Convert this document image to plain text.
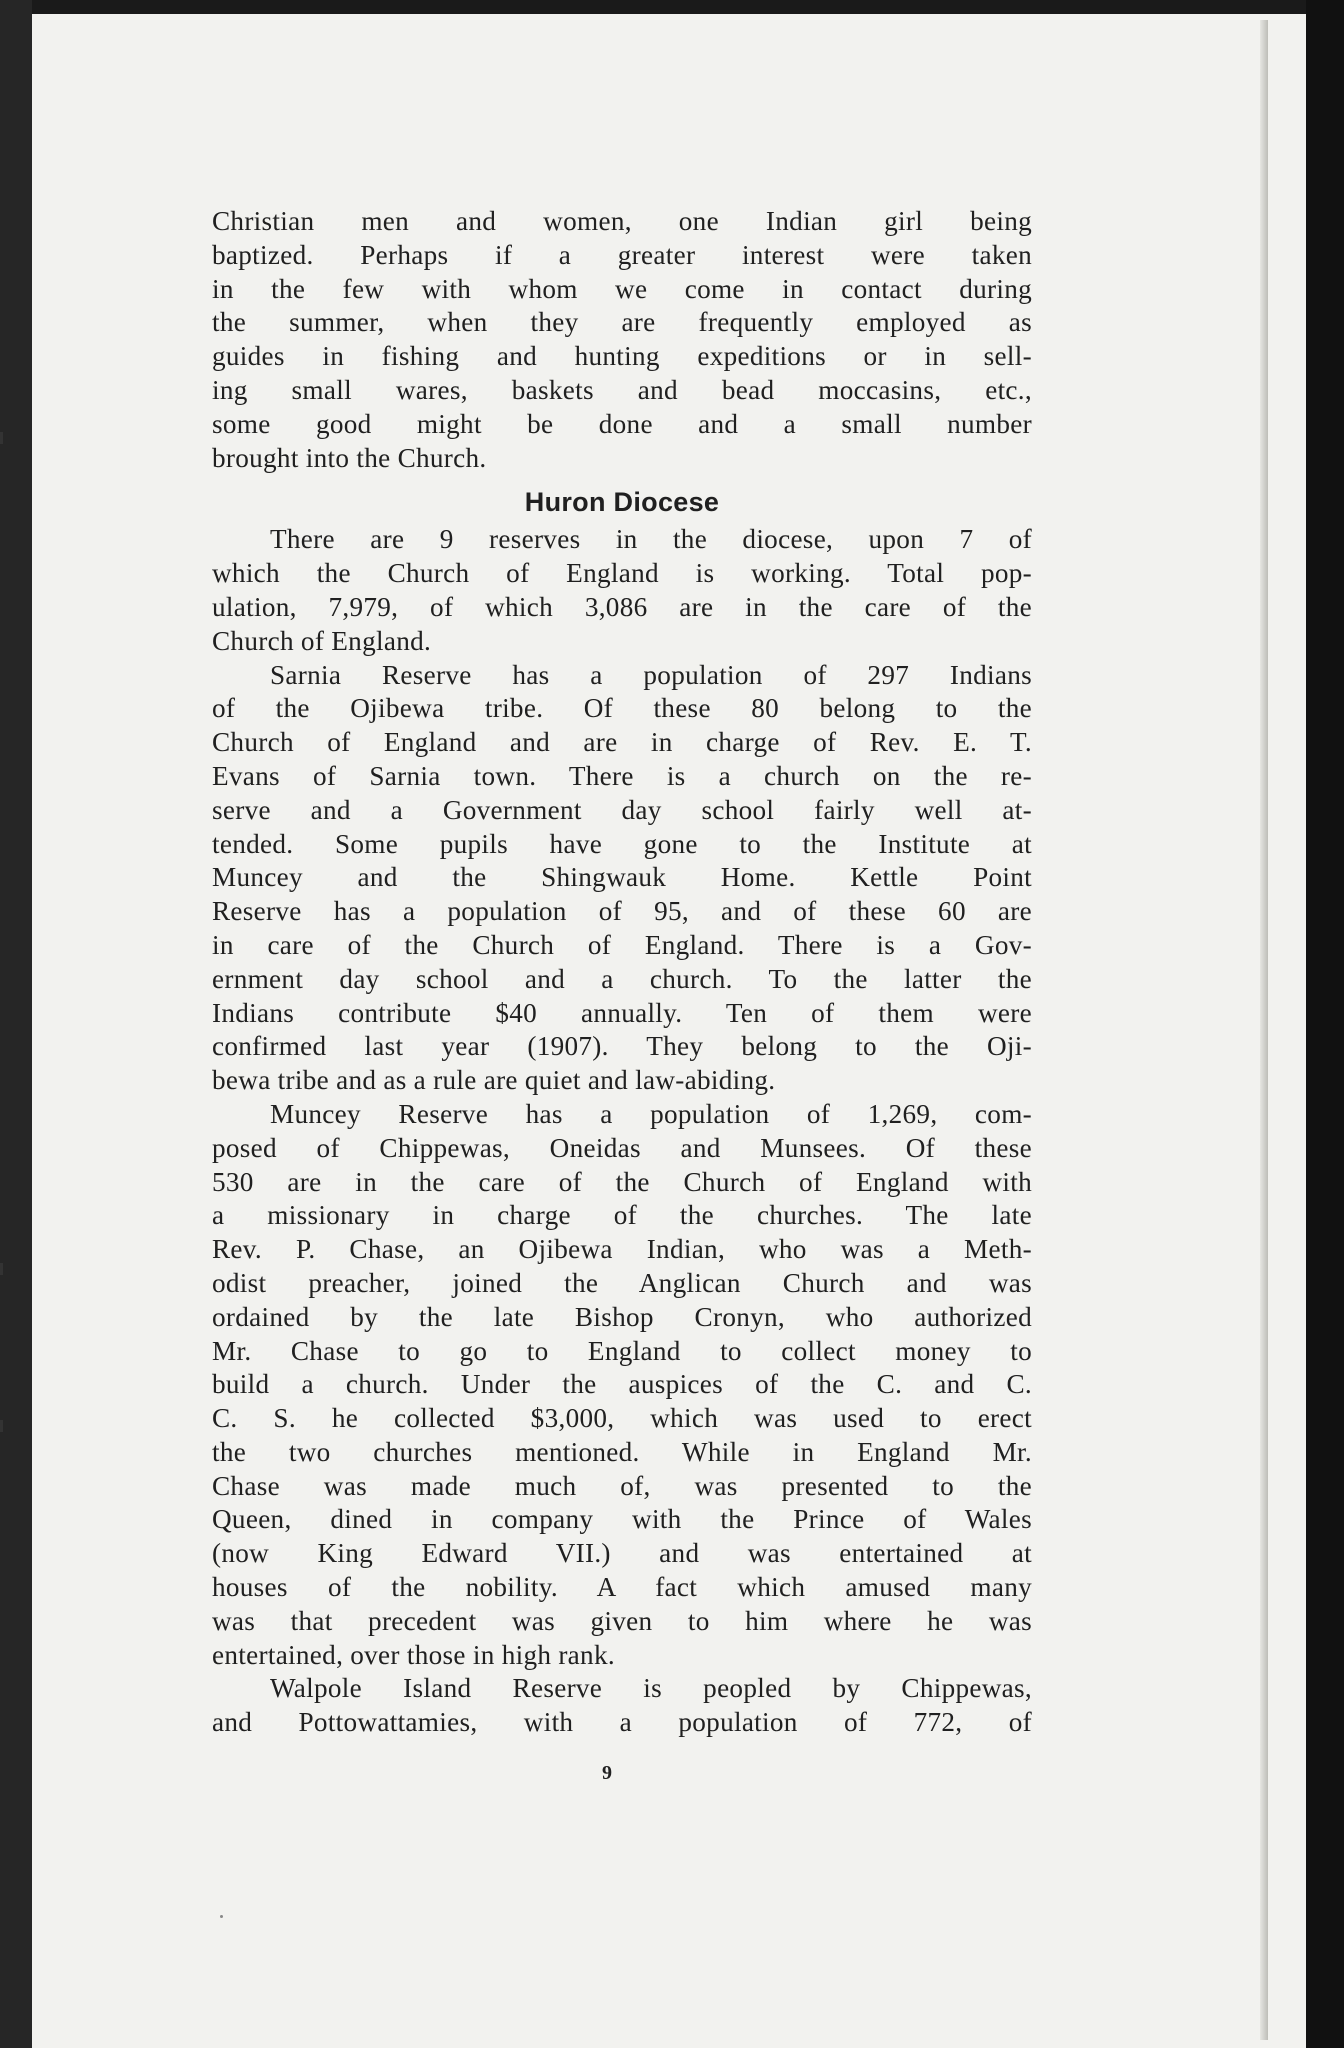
Christian men and women, one Indian girl being
baptized. Perhaps if a greater interest were taken
in the few with whom we come in contact during
the summer, when they are frequently employed as
guides in fishing and hunting expeditions or in sell-
ing small wares, baskets and bead moccasins, etc.,
some good might be done and a small number
brought into the Church.
Huron Diocese
There are 9 reserves in the diocese, upon 7 of
which the Church of England is working. Total pop-
ulation, 7,979, of which 3,086 are in the care of the
Church of England.
Sarnia Reserve has a population of 297 Indians
of the Ojibewa tribe. Of these 80 belong to the
Church of England and are in charge of Rev. E. T.
Evans of Sarnia town. There is a church on the re-
serve and a Government day school fairly well at-
tended. Some pupils have gone to the Institute at
Muncey and the Shingwauk Home. Kettle Point
Reserve has a population of 95, and of these 60 are
in care of the Church of England. There is a Gov-
ernment day school and a church. To the latter the
Indians contribute $40 annually. Ten of them were
confirmed last year (1907). They belong to the Oji-
bewa tribe and as a rule are quiet and law-abiding.
Muncey Reserve has a population of 1,269, com-
posed of Chippewas, Oneidas and Munsees. Of these
530 are in the care of the Church of England with
a missionary in charge of the churches. The late
Rev. P. Chase, an Ojibewa Indian, who was a Meth-
odist preacher, joined the Anglican Church and was
ordained by the late Bishop Cronyn, who authorized
Mr. Chase to go to England to collect money to
build a church. Under the auspices of the C. and C.
C. S. he collected $3,000, which was used to erect
the two churches mentioned. While in England Mr.
Chase was made much of, was presented to the
Queen, dined in company with the Prince of Wales
(now King Edward VII.) and was entertained at
houses of the nobility. A fact which amused many
was that precedent was given to him where he was
entertained, over those in high rank.
Walpole Island Reserve is peopled by Chippewas,
and Pottowattamies, with a population of 772, of
9
